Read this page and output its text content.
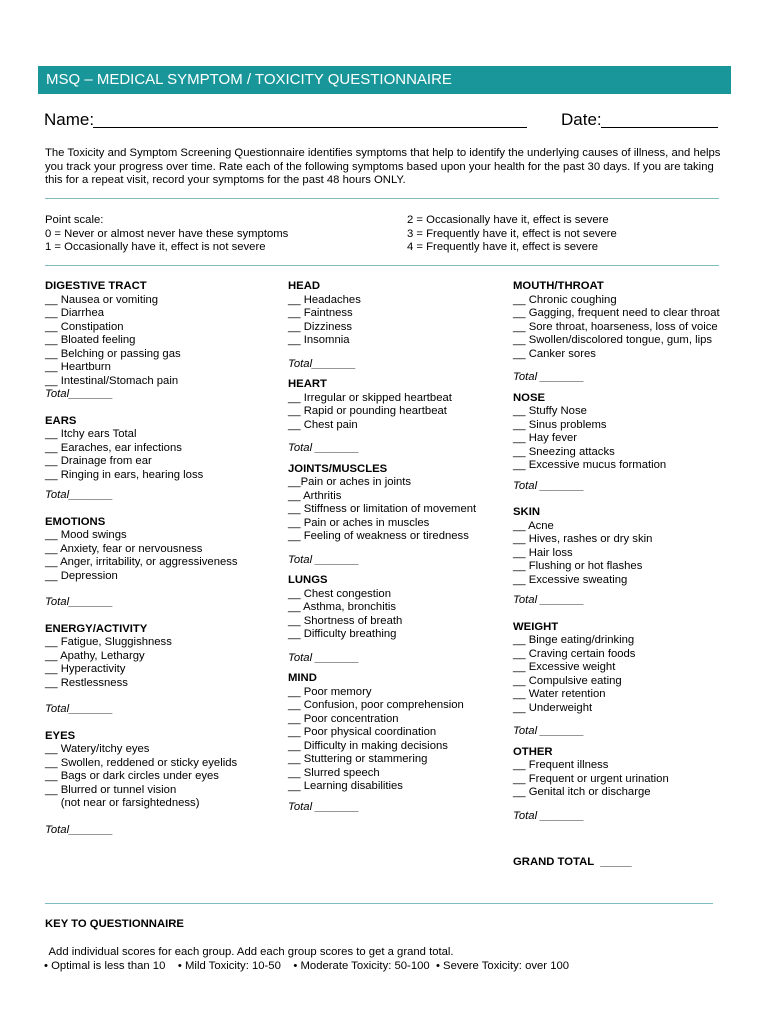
MSQ – MEDICAL SYMPTOM / TOXICITY QUESTIONNAIRE
Name:	Date:
The Toxicity and Symptom Screening Questionnaire identifies symptoms that help to identify the underlying causes of illness, and helps you track your progress over time. Rate each of the following symptoms based upon your health for the past 30 days. If you are taking this for a repeat visit, record your symptoms for the past 48 hours ONLY.
Point scale:
0 = Never or almost never have these symptoms
1 = Occasionally have it, effect is not severe
2 = Occasionally have it, effect is severe
3 = Frequently have it, effect is not severe
4 = Frequently have it, effect is severe
DIGESTIVE TRACT
__ Nausea or vomiting
__ Diarrhea
__ Constipation
__ Bloated feeling
__ Belching or passing gas
__ Heartburn
__ Intestinal/Stomach pain
Total_______
EARS
__ Itchy ears Total
__ Earaches, ear infections
__ Drainage from ear
__ Ringing in ears, hearing loss
Total_______
EMOTIONS
__ Mood swings
__ Anxiety, fear or nervousness
__ Anger, irritability, or aggressiveness
__ Depression
Total_______
ENERGY/ACTIVITY
__ Fatigue, Sluggishness
__ Apathy, Lethargy
__ Hyperactivity
__ Restlessness
Total_______
EYES
__ Watery/itchy eyes
__ Swollen, reddened or sticky eyelids
__ Bags or dark circles under eyes
__ Blurred or tunnel vision
(not near or farsightedness)
Total_______
HEAD
__ Headaches
__ Faintness
__ Dizziness
__ Insomnia
Total_______
HEART
__ Irregular or skipped heartbeat
__ Rapid or pounding heartbeat
__ Chest pain
Total _______
JOINTS/MUSCLES
__Pain or aches in joints
__ Arthritis
__ Stiffness or limitation of movement
__ Pain or aches in muscles
__ Feeling of weakness or tiredness
Total _______
LUNGS
__ Chest congestion
__ Asthma, bronchitis
__ Shortness of breath
__ Difficulty breathing
Total _______
MIND
__ Poor memory
__ Confusion, poor comprehension
__ Poor concentration
__ Poor physical coordination
__ Difficulty in making decisions
__ Stuttering or stammering
__ Slurred speech
__ Learning disabilities
Total _______
MOUTH/THROAT
__ Chronic coughing
__ Gagging, frequent need to clear throat
__ Sore throat, hoarseness, loss of voice
__ Swollen/discolored tongue, gum, lips
__ Canker sores
Total _______
NOSE
__ Stuffy Nose
__ Sinus problems
__ Hay fever
__ Sneezing attacks
__ Excessive mucus formation
Total _______
SKIN
__ Acne
__ Hives, rashes or dry skin
__ Hair loss
__ Flushing or hot flashes
__ Excessive sweating
Total _______
WEIGHT
__ Binge eating/drinking
__ Craving certain foods
__ Excessive weight
__ Compulsive eating
__ Water retention
__ Underweight
Total _______
OTHER
__ Frequent illness
__ Frequent or urgent urination
__ Genital itch or discharge
Total _______
GRAND TOTAL  _____
KEY TO QUESTIONNAIRE
Add individual scores for each group. Add each group scores to get a grand total.
• Optimal is less than 10    • Mild Toxicity: 10-50    • Moderate Toxicity: 50-100  • Severe Toxicity: over 100
